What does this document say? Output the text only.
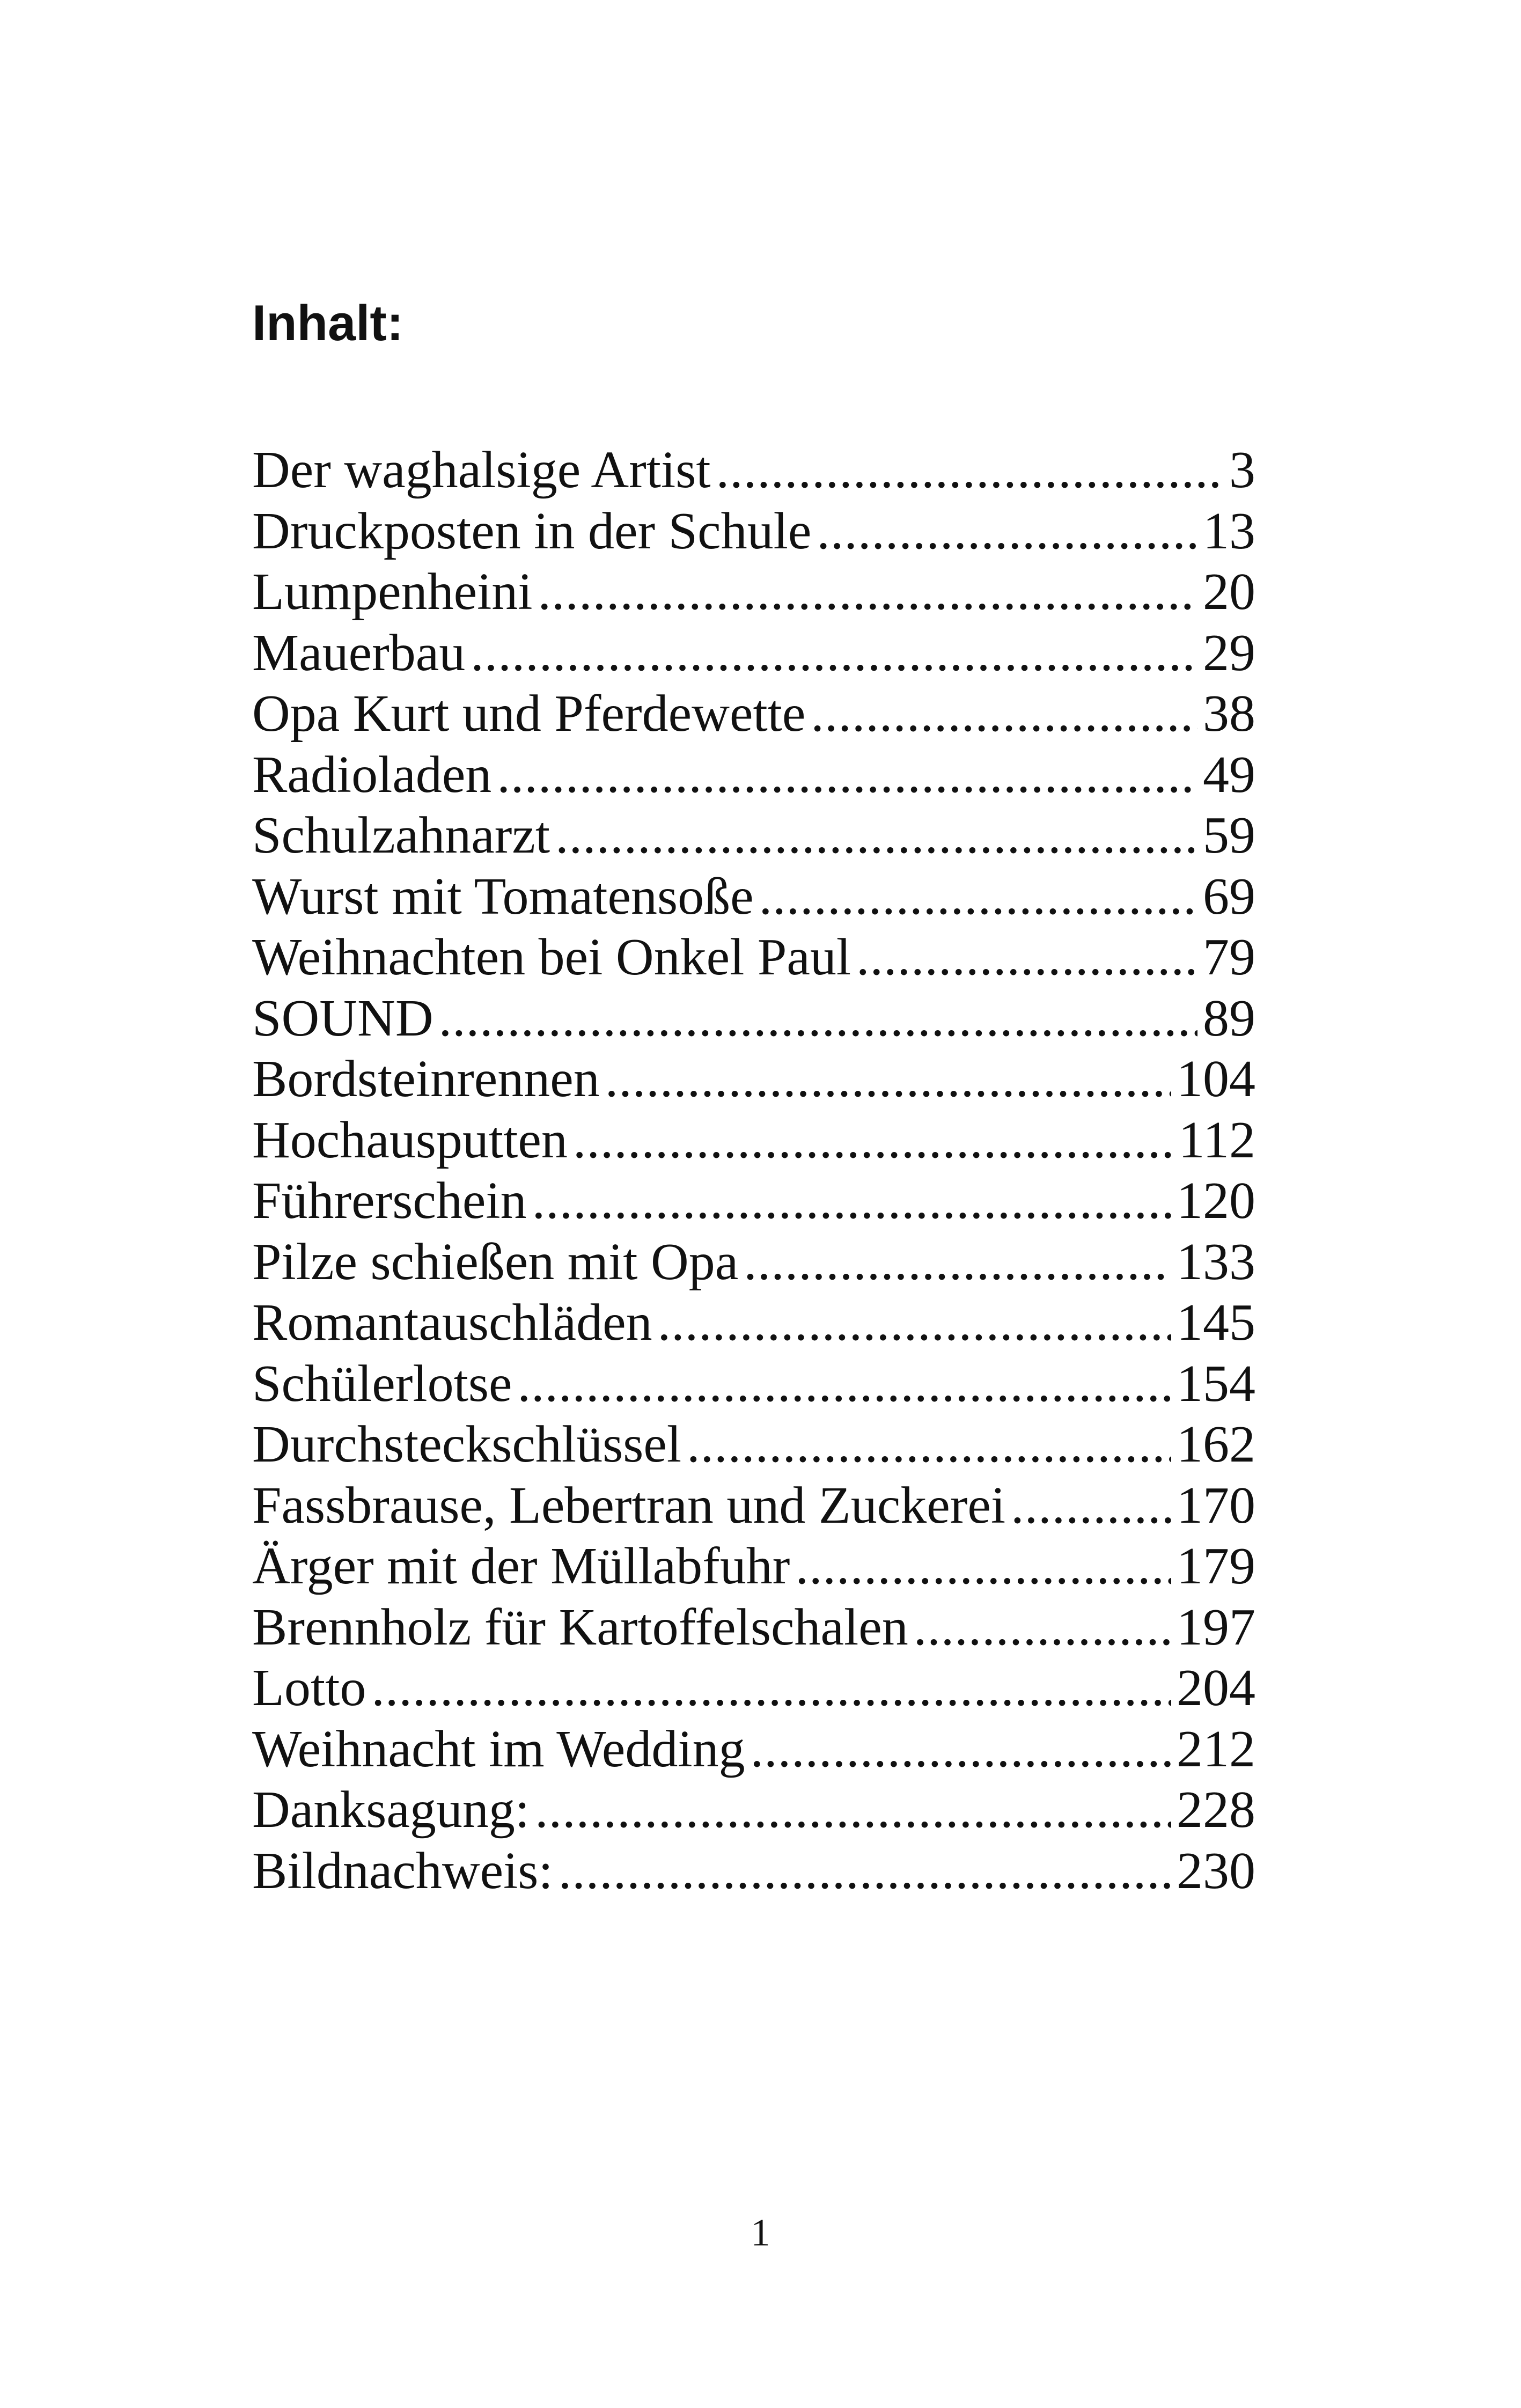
Inhalt:
Der waghalsige Artist .....	3
Druckposten in der Schule .....	13
Lumpenheini .....	20
Mauerbau .....	29
Opa Kurt und Pferdewette .....	38
Radioladen .....	49
Schulzahnarzt .....	59
Wurst mit Tomatensoße .....	69
Weihnachten bei Onkel Paul .....	79
SOUND .....	89
Bordsteinrennen .....	104
Hochausputten .....	112
Führerschein .....	120
Pilze schießen mit Opa .....	133
Romantauschläden .....	145
Schülerlotse .....	154
Durchsteckschlüssel .....	162
Fassbrause, Lebertran und Zuckerei .....	170
Ärger mit der Müllabfuhr .....	179
Brennholz für Kartoffelschalen .....	197
Lotto .....	204
Weihnacht im Wedding .....	212
Danksagung: .....	228
Bildnachweis: .....	230
1
